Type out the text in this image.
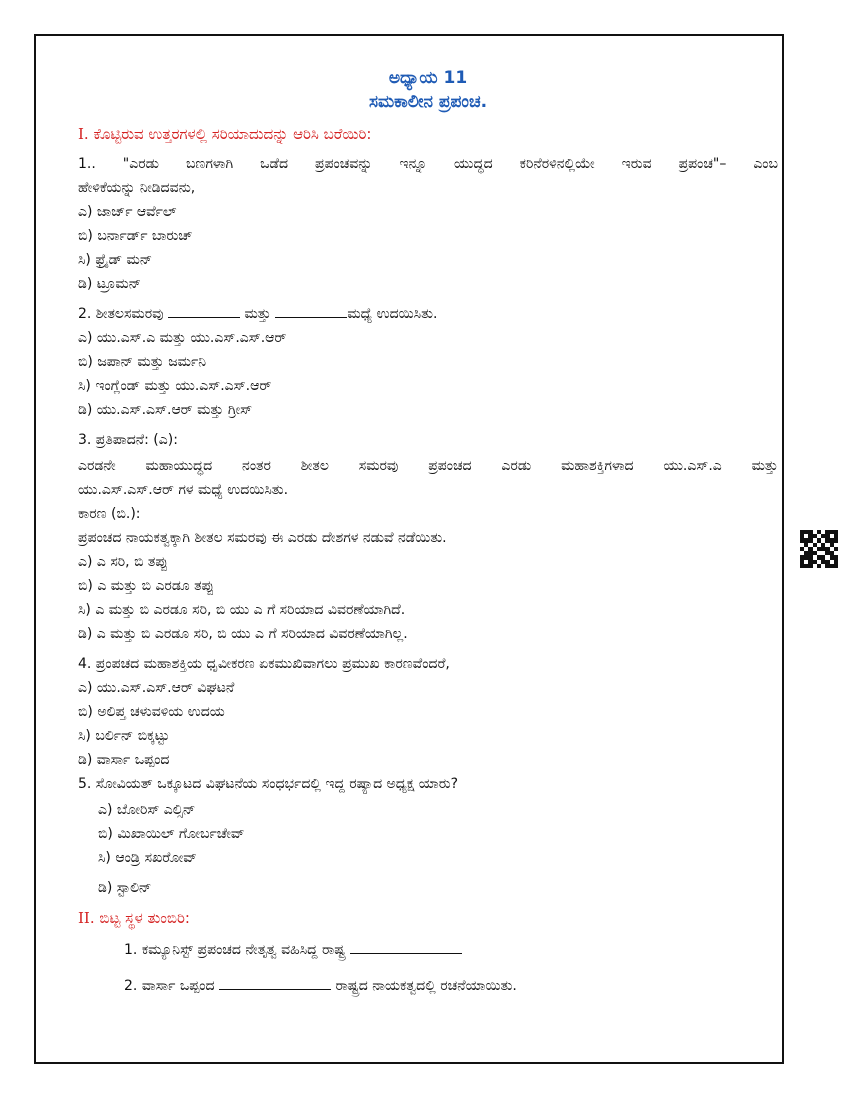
ಅಧ್ಯಾಯ 11
ಸಮಕಾಲೀನ ಪ್ರಪಂಚ.
I. ಕೊಟ್ಟಿರುವ ಉತ್ತರಗಳಲ್ಲಿ ಸರಿಯಾದುದನ್ನು ಆರಿಸಿ ಬರೆಯಿರಿ:
1.. "ಎರಡು ಬಣಗಳಾಗಿ ಒಡೆದ ಪ್ರಪಂಚವನ್ನು ಇನ್ನೂ ಯುದ್ಧದ ಕರಿನೆರಳಿನಲ್ಲಿಯೇ ಇರುವ ಪ್ರಪಂಚ"– ಎಂಬ
ಹೇಳಿಕೆಯನ್ನು ನೀಡಿದವನು,
ಎ) ಜಾರ್ಜ್ ಆರ್ವೆಲ್
ಬಿ) ಬರ್ನಾರ್ಡ್ ಬಾರುಚ್
ಸಿ) ಫ್ರೈಡ್ ಮನ್
ಡಿ) ಟ್ರೂಮನ್
2. ಶೀತಲಸಮರವು	ಮತ್ತು	ಮಧ್ಯೆ ಉದಯಿಸಿತು.
ಎ) ಯು.ಎಸ್.ಎ ಮತ್ತು ಯು.ಎಸ್.ಎಸ್.ಆರ್
ಬಿ) ಜಪಾನ್ ಮತ್ತು ಜರ್ಮನಿ
ಸಿ) ಇಂಗ್ಲೆಂಡ್ ಮತ್ತು ಯು.ಎಸ್.ಎಸ್.ಆರ್
ಡಿ) ಯು.ಎಸ್.ಎಸ್.ಆರ್ ಮತ್ತು ಗ್ರೀಸ್
3. ಪ್ರತಿಪಾದನೆ: (ಎ):
ಎರಡನೇ ಮಹಾಯುದ್ಧದ ನಂತರ ಶೀತಲ ಸಮರವು ಪ್ರಪಂಚದ ಎರಡು ಮಹಾಶಕ್ತಿಗಳಾದ ಯು.ಎಸ್.ಎ ಮತ್ತು
ಯು.ಎಸ್.ಎಸ್.ಆರ್ ಗಳ ಮಧ್ಯೆ ಉದಯಿಸಿತು.
ಕಾರಣ (ಬಿ.):
ಪ್ರಪಂಚದ ನಾಯಕತ್ವಕ್ಕಾಗಿ ಶೀತಲ ಸಮರವು ಈ ಎರಡು ದೇಶಗಳ ನಡುವೆ ನಡೆಯಿತು.
ಎ) ಎ ಸರಿ, ಬಿ ತಪ್ಪು
ಬಿ) ಎ ಮತ್ತು ಬಿ ಎರಡೂ ತಪ್ಪು
ಸಿ) ಎ ಮತ್ತು ಬಿ ಎರಡೂ ಸರಿ, ಬಿ ಯು ಎ ಗೆ ಸರಿಯಾದ ವಿವರಣೆಯಾಗಿದೆ.
ಡಿ) ಎ ಮತ್ತು ಬಿ ಎರಡೂ ಸರಿ, ಬಿ ಯು ಎ ಗೆ ಸರಿಯಾದ ವಿವರಣೆಯಾಗಿಲ್ಲ.
4. ಪ್ರಂಪಚದ ಮಹಾಶಕ್ತಿಯ ಧೃವೀಕರಣ ಏಕಮುಖಿವಾಗಲು ಪ್ರಮುಖ ಕಾರಣವೆಂದರೆ,
ಎ) ಯು.ಎಸ್.ಎಸ್.ಆರ್ ವಿಘಟನೆ
ಬಿ) ಅಲಿಪ್ತ ಚಳುವಳಿಯ ಉದಯ
ಸಿ) ಬರ್ಲಿನ್ ಬಿಕ್ಕಟ್ಟು
ಡಿ) ವಾರ್ಸಾ ಒಪ್ಪಂದ
5. ಸೋವಿಯತ್ ಒಕ್ಕೂಟದ ವಿಘಟನೆಯ ಸಂಧರ್ಭದಲ್ಲಿ ಇದ್ದ ರಷ್ಯಾದ ಅಧ್ಯಕ್ಷ ಯಾರು?
ಎ) ಬೋರಿಸ್ ಎಲ್ಸಿನ್
ಬಿ) ಮಿಖಾಯಿಲ್ ಗೋರ್ಬಚೇವ್
ಸಿ) ಆಂಡ್ರಿ ಸಖರೋವ್
ಡಿ) ಸ್ಟಾಲಿನ್
II. ಬಿಟ್ಟ ಸ್ಥಳ ತುಂಬಿರಿ:
1. ಕಮ್ಯೂನಿಸ್ಟ್ ಪ್ರಪಂಚದ ನೇತೃತ್ವ ವಹಿಸಿದ್ದ ರಾಷ್ಟ್ರ
2. ವಾರ್ಸಾ ಒಪ್ಪಂದ	ರಾಷ್ಟ್ರದ ನಾಯಕತ್ವದಲ್ಲಿ ರಚನೆಯಾಯಿತು.
